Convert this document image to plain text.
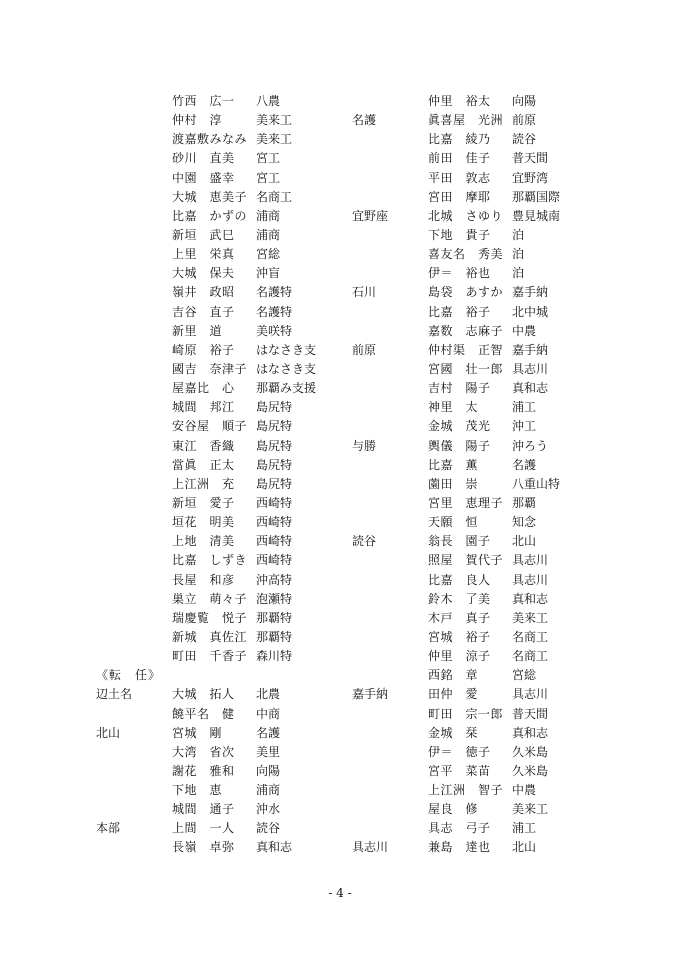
竹西　広一	八農
仲村　淳	美来工
渡嘉敷みなみ 美来工
砂川　直美	宮工
中園　盛幸	宮工
大城　恵美子 名商工
比嘉　かずの 浦商
新垣　武巳	浦商
上里　栄真	宮総
大城　保夫	沖盲
嶺井　政昭	名護特
吉谷　直子	名護特
新里　道	美咲特
崎原　裕子	はなさき支
國吉　奈津子 はなさき支
屋嘉比　心	那覇み支援
城間　邦江	島尻特
安谷屋　順子 島尻特
東江　香織	島尻特
當眞　正太	島尻特
上江洲　充	島尻特
新垣　愛子	西崎特
垣花　明美	西崎特
上地　清美	西崎特
比嘉　しずき 西崎特
長屋　和彦	沖高特
巣立　萌々子 泡瀬特
瑞慶覧　悦子 那覇特
新城　真佐江 那覇特
町田　千香子 森川特
《転　任》
辺土名	大城　拓人	北農
饒平名　健	中商
北山	宮城　剛	名護
大湾　省次	美里
謝花　雅和	向陽
下地　恵	浦商
城間　通子	沖水
本部	上間　一人	読谷
長嶺　卓弥	真和志
仲里　裕太	向陽
名護	眞喜屋　光洲 前原
比嘉　綾乃	読谷
前田　佳子	普天間
平田　敦志	宜野湾
宮田　摩耶	那覇国際
宜野座	北城　さゆり 豊見城南
下地　貴子	泊
喜友名　秀美 泊
伊＝　裕也	泊
石川	島袋　あすか 嘉手納
比嘉　裕子	北中城
嘉数　志麻子 中農
前原	仲村渠　正智 嘉手納
宮國　壮一郎 具志川
吉村　陽子	真和志
神里　太	浦工
金城　茂光	沖工
与勝	輿儀　陽子	沖ろう
比嘉　薫	名護
薗田　崇	八重山特
宮里　恵理子 那覇
天願　恒	知念
読谷	翁長　園子	北山
照屋　賀代子 具志川
比嘉　良人	具志川
鈴木　了美	真和志
木戸　真子	美来工
宮城　裕子	名商工
仲里　涼子	名商工
西銘　章	宮総
嘉手納	田仲　愛	具志川
町田　宗一郎 普天間
金城　栞	真和志
伊＝　徳子	久米島
宮平　菜苗	久米島
上江洲　智子 中農
屋良　修	美来工
具志　弓子	浦工
具志川	兼島　達也	北山
- 4 -
